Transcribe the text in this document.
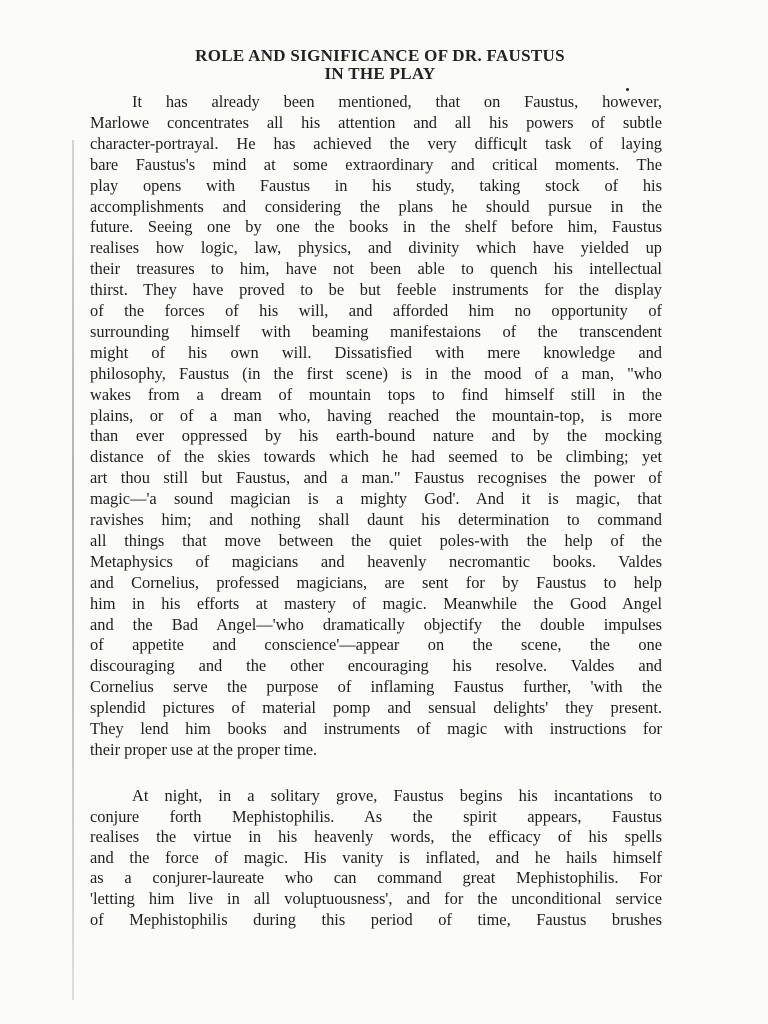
ROLE AND SIGNIFICANCE OF DR. FAUSTUS
IN THE PLAY
It has already been mentioned, that on Faustus, however,
Marlowe concentrates all his attention and all his powers of subtle
character-portrayal. He has achieved the very difficult task of laying
bare Faustus's mind at some extraordinary and critical moments. The
play opens with Faustus in his study, taking stock of his
accomplishments and considering the plans he should pursue in the
future. Seeing one by one the books in the shelf before him, Faustus
realises how logic, law, physics, and divinity which have yielded up
their treasures to him, have not been able to quench his intellectual
thirst. They have proved to be but feeble instruments for the display
of the forces of his will, and afforded him no opportunity of
surrounding himself with beaming manifestaions of the transcendent
might of his own will. Dissatisfied with mere knowledge and
philosophy, Faustus (in the first scene) is in the mood of a man, "who
wakes from a dream of mountain tops to find himself still in the
plains, or of a man who, having reached the mountain-top, is more
than ever oppressed by his earth-bound nature and by the mocking
distance of the skies towards which he had seemed to be climbing; yet
art thou still but Faustus, and a man." Faustus recognises the power of
magic—'a sound magician is a mighty God'. And it is magic, that
ravishes him; and nothing shall daunt his determination to command
all things that move between the quiet poles-with the help of the
Metaphysics of magicians and heavenly necromantic books. Valdes
and Cornelius, professed magicians, are sent for by Faustus to help
him in his efforts at mastery of magic. Meanwhile the Good Angel
and the Bad Angel—'who dramatically objectify the double impulses
of appetite and conscience'—appear on the scene, the one
discouraging and the other encouraging his resolve. Valdes and
Cornelius serve the purpose of inflaming Faustus further, 'with the
splendid pictures of material pomp and sensual delights' they present.
They lend him books and instruments of magic with instructions for
their proper use at the proper time.
At night, in a solitary grove, Faustus begins his incantations to
conjure forth Mephistophilis. As the spirit appears, Faustus
realises the virtue in his heavenly words, the efficacy of his spells
and the force of magic. His vanity is inflated, and he hails himself
as a conjurer-laureate who can command great Mephistophilis. For
'letting him live in all voluptuousness', and for the unconditional service
of Mephistophilis during this period of time, Faustus brushes
